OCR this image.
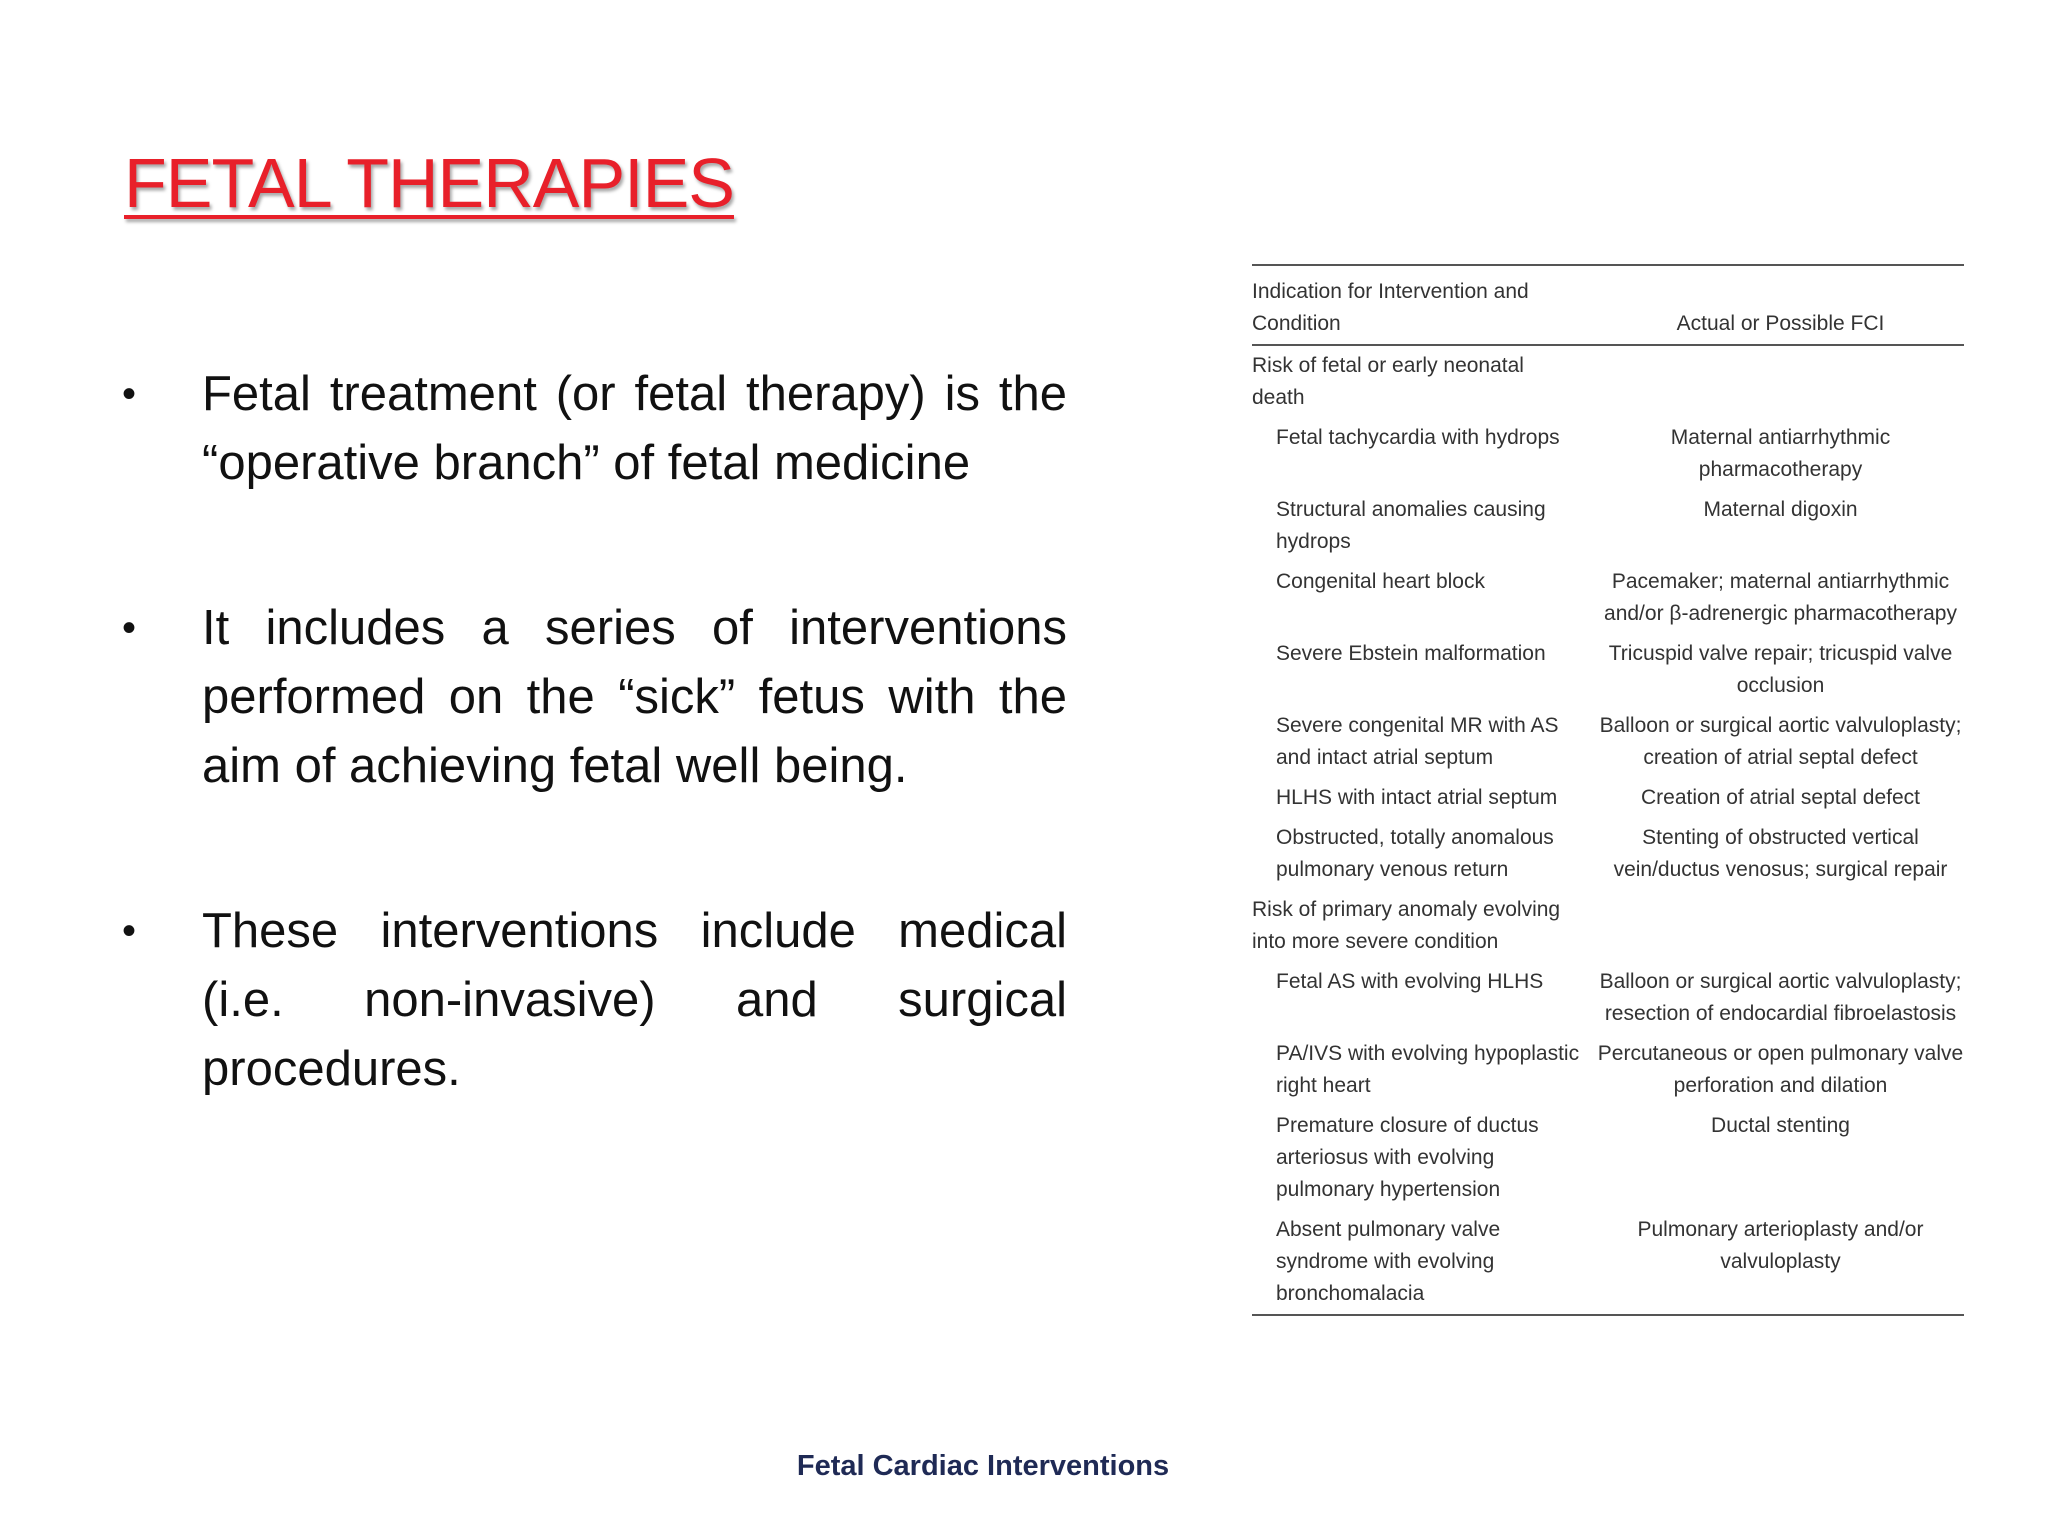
FETAL THERAPIES
• Fetal treatment (or fetal therapy) is the “operative branch” of fetal medicine
• It includes a series of interventions performed on the “sick” fetus with the aim of achieving fetal well being.
• These interventions include medical (i.e. non-invasive) and surgical procedures.
Indication for Intervention and Condition	Actual or Possible FCI

Risk of fetal or early neonatal death	

Fetal tachycardia with hydrops	Maternal antiarrhythmic pharmacotherapy
Structural anomalies causing hydrops	Maternal digoxin
Congenital heart block	Pacemaker; maternal antiarrhythmic and/or β-adrenergic pharmacotherapy
Severe Ebstein malformation	Tricuspid valve repair; tricuspid valve occlusion
Severe congenital MR with AS and intact atrial septum	Balloon or surgical aortic valvuloplasty; creation of atrial septal defect
HLHS with intact atrial septum	Creation of atrial septal defect
Obstructed, totally anomalous pulmonary venous return	Stenting of obstructed vertical vein/ductus venosus; surgical repair

Risk of primary anomaly evolving into more severe condition	

Fetal AS with evolving HLHS	Balloon or surgical aortic valvuloplasty; resection of endocardial fibroelastosis
PA/IVS with evolving hypoplastic right heart	Percutaneous or open pulmonary valve perforation and dilation
Premature closure of ductus arteriosus with evolving pulmonary hypertension	Ductal stenting
Absent pulmonary valve syndrome with evolving bronchomalacia	Pulmonary arterioplasty and/or valvuloplasty
Fetal Cardiac Interventions
